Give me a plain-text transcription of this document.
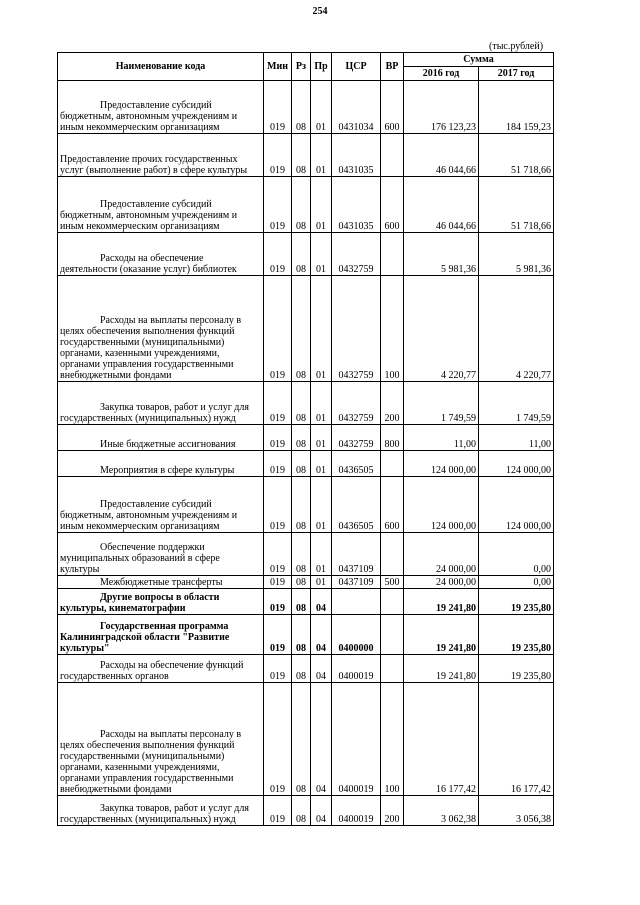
254
(тыс.рублей)
Наименование кода	Мин	Рз	Пр	ЦСР	ВР	Сумма	
						2016 год	2017 год
Предоставление субсидий бюджетным, автономным учреждениям и иным некоммерческим организациям	019	08	01	0431034	600	176 123,23	184 159,23
Предоставление прочих государственных услуг (выполнение работ) в сфере культуры	019	08	01	0431035		46 044,66	51 718,66
Предоставление субсидий бюджетным, автономным учреждениям и иным некоммерческим организациям	019	08	01	0431035	600	46 044,66	51 718,66
Расходы на обеспечение деятельности (оказание услуг) библиотек	019	08	01	0432759		5 981,36	5 981,36
Расходы на выплаты персоналу в целях обеспечения выполнения функций государственными (муниципальными) органами, казенными учреждениями, органами управления государственными внебюджетными фондами	019	08	01	0432759	100	4 220,77	4 220,77
Закупка товаров, работ и услуг для государственных (муниципальных) нужд	019	08	01	0432759	200	1 749,59	1 749,59
Иные бюджетные ассигнования	019	08	01	0432759	800	11,00	11,00
Мероприятия в сфере культуры	019	08	01	0436505		124 000,00	124 000,00
Предоставление субсидий бюджетным, автономным учреждениям и иным некоммерческим организациям	019	08	01	0436505	600	124 000,00	124 000,00
Обеспечение поддержки муниципальных образований в сфере культуры	019	08	01	0437109		24 000,00	0,00
Межбюджетные трансферты	019	08	01	0437109	500	24 000,00	0,00
Другие вопросы в области культуры, кинематографии	019	08	04			19 241,80	19 235,80
Государственная программа Калининградской области "Развитие культуры"	019	08	04	0400000		19 241,80	19 235,80
Расходы на обеспечение функций государственных органов	019	08	04	0400019		19 241,80	19 235,80
Расходы на выплаты персоналу в целях обеспечения выполнения функций государственными (муниципальными) органами, казенными учреждениями, органами управления государственными внебюджетными фондами	019	08	04	0400019	100	16 177,42	16 177,42
Закупка товаров, работ и услуг для государственных (муниципальных) нужд	019	08	04	0400019	200	3 062,38	3 056,38
